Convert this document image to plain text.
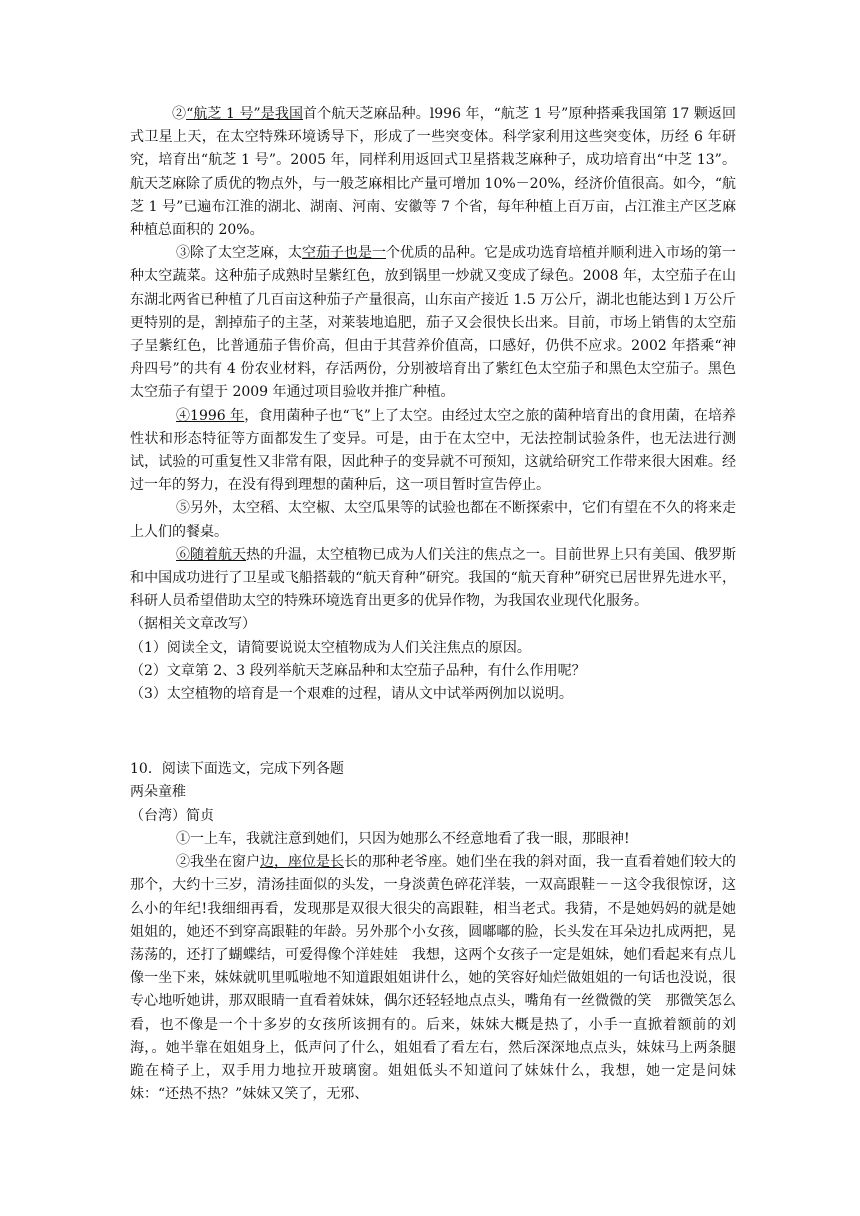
②“航芝 1 号”是我国首个航天芝麻品种。l996 年，“航芝 1 号”原种搭乘我国第 17 颗返回式卫星上天，在太空特殊环境诱导下，形成了一些突变体。科学家利用这些突变体，历经 6 年研究，培育出“航芝 1 号”。2005 年，同样利用返回式卫星搭栽芝麻种子，成功培育出“中芝 13”。航天芝麻除了质优的物点外，与一般芝麻相比产量可增加 10%－20%，经济价值很高。如今，“航芝 1 号”已遍布江淮的湖北、湖南、河南、安徽等 7 个省，每年种植上百万亩，占江淮主产区芝麻种植总面积的 20%。

③除了太空芝麻，太空茄子也是一个优质的品种。它是成功选育培植并顺利进入市场的第一种太空蔬菜。这种茄子成熟时呈紫红色，放到锅里一炒就又变成了绿色。2008 年，太空茄子在山东湖北两省已种植了几百亩这种茄子产量很高，山东亩产接近 1.5 万公斤，湖北也能达到 l 万公斤更特别的是，割掉茄子的主茎，对莱装地追肥，茄子又会很快长出来。目前，市场上销售的太空茄子呈紫红色，比普通茄子售价高，但由于其营养价值高，口感好，仍供不应求。2002 年搭乘“神舟四号”的共有 4 份农业材料，存活两份，分别被培育出了紫红色太空茄子和黑色太空茄子。黑色太空茄子有望于 2009 年通过项目验收并推广种植。

④1996 年，食用菌种子也“飞”上了太空。由经过太空之旅的菌种培育出的食用菌，在培养性状和形态特征等方面都发生了变异。可是，由于在太空中，无法控制试验条件，也无法进行测试，试验的可重复性又非常有限，因此种子的变异就不可预知，这就给研究工作带来很大困难。经过一年的努力，在没有得到理想的菌种后，这一项目暂时宣告停止。

⑤另外，太空稻、太空椒、太空瓜果等的试验也都在不断探索中，它们有望在不久的将来走上人们的餐桌。

⑥随着航天热的升温，太空植物已成为人们关注的焦点之一。目前世界上只有美国、俄罗斯和中国成功进行了卫星或飞船搭载的“航天育种”研究。我国的“航天育种”研究已居世界先进水平，科研人员希望借助太空的特殊环境选育出更多的优异作物，为我国农业现代化服务。

（据相关文章改写）

（1）阅读全文，请简要说说太空植物成为人们关注焦点的原因。

（2）文章第 2、3 段列举航天芝麻品种和太空茄子品种，有什么作用呢？

（3）太空植物的培育是一个艰难的过程，请从文中试举两例加以说明。

10．阅读下面选文，完成下列各题

两朵童稚

（台湾）简贞

①一上车，我就注意到她们，只因为她那么不经意地看了我一眼，那眼神!

②我坐在窗户边，座位是长长的那种老爷座。她们坐在我的斜对面，我一直看着她们较大的那个，大约十三岁，清汤挂面似的头发，一身淡黄色碎花洋装，一双高跟鞋－－这令我很惊讶，这么小的年纪!我细细再看，发现那是双很大很尖的高跟鞋，相当老式。我猜，不是她妈妈的就是她姐姐的，她还不到穿高跟鞋的年龄。另外那个小女孩，圆嘟嘟的脸，长头发在耳朵边扎成两把，晃荡荡的，还打了蝴蝶结，可爱得像个洋娃娃　我想，这两个女孩子一定是姐妹，她们看起来有点儿像一坐下来，妹妹就叽里呱啦地不知道跟姐姐讲什么，她的笑容好灿烂做姐姐的一句话也没说，很专心地听她讲，那双眼睛一直看着妹妹，偶尔还轻轻地点点头，嘴角有一丝微微的笑　那微笑怎么看，也不像是一个十多岁的女孩所该拥有的。后来，妹妹大概是热了，小手一直掀着额前的刘海，。她半靠在姐姐身上，低声问了什么，姐姐看了看左右，然后深深地点点头，妹妹马上两条腿跪在椅子上，双手用力地拉开玻璃窗。姐姐低头不知道问了妹妹什么，我想，她一定是问妹妹：“还热不热？”妹妹又笑了，无邪、
